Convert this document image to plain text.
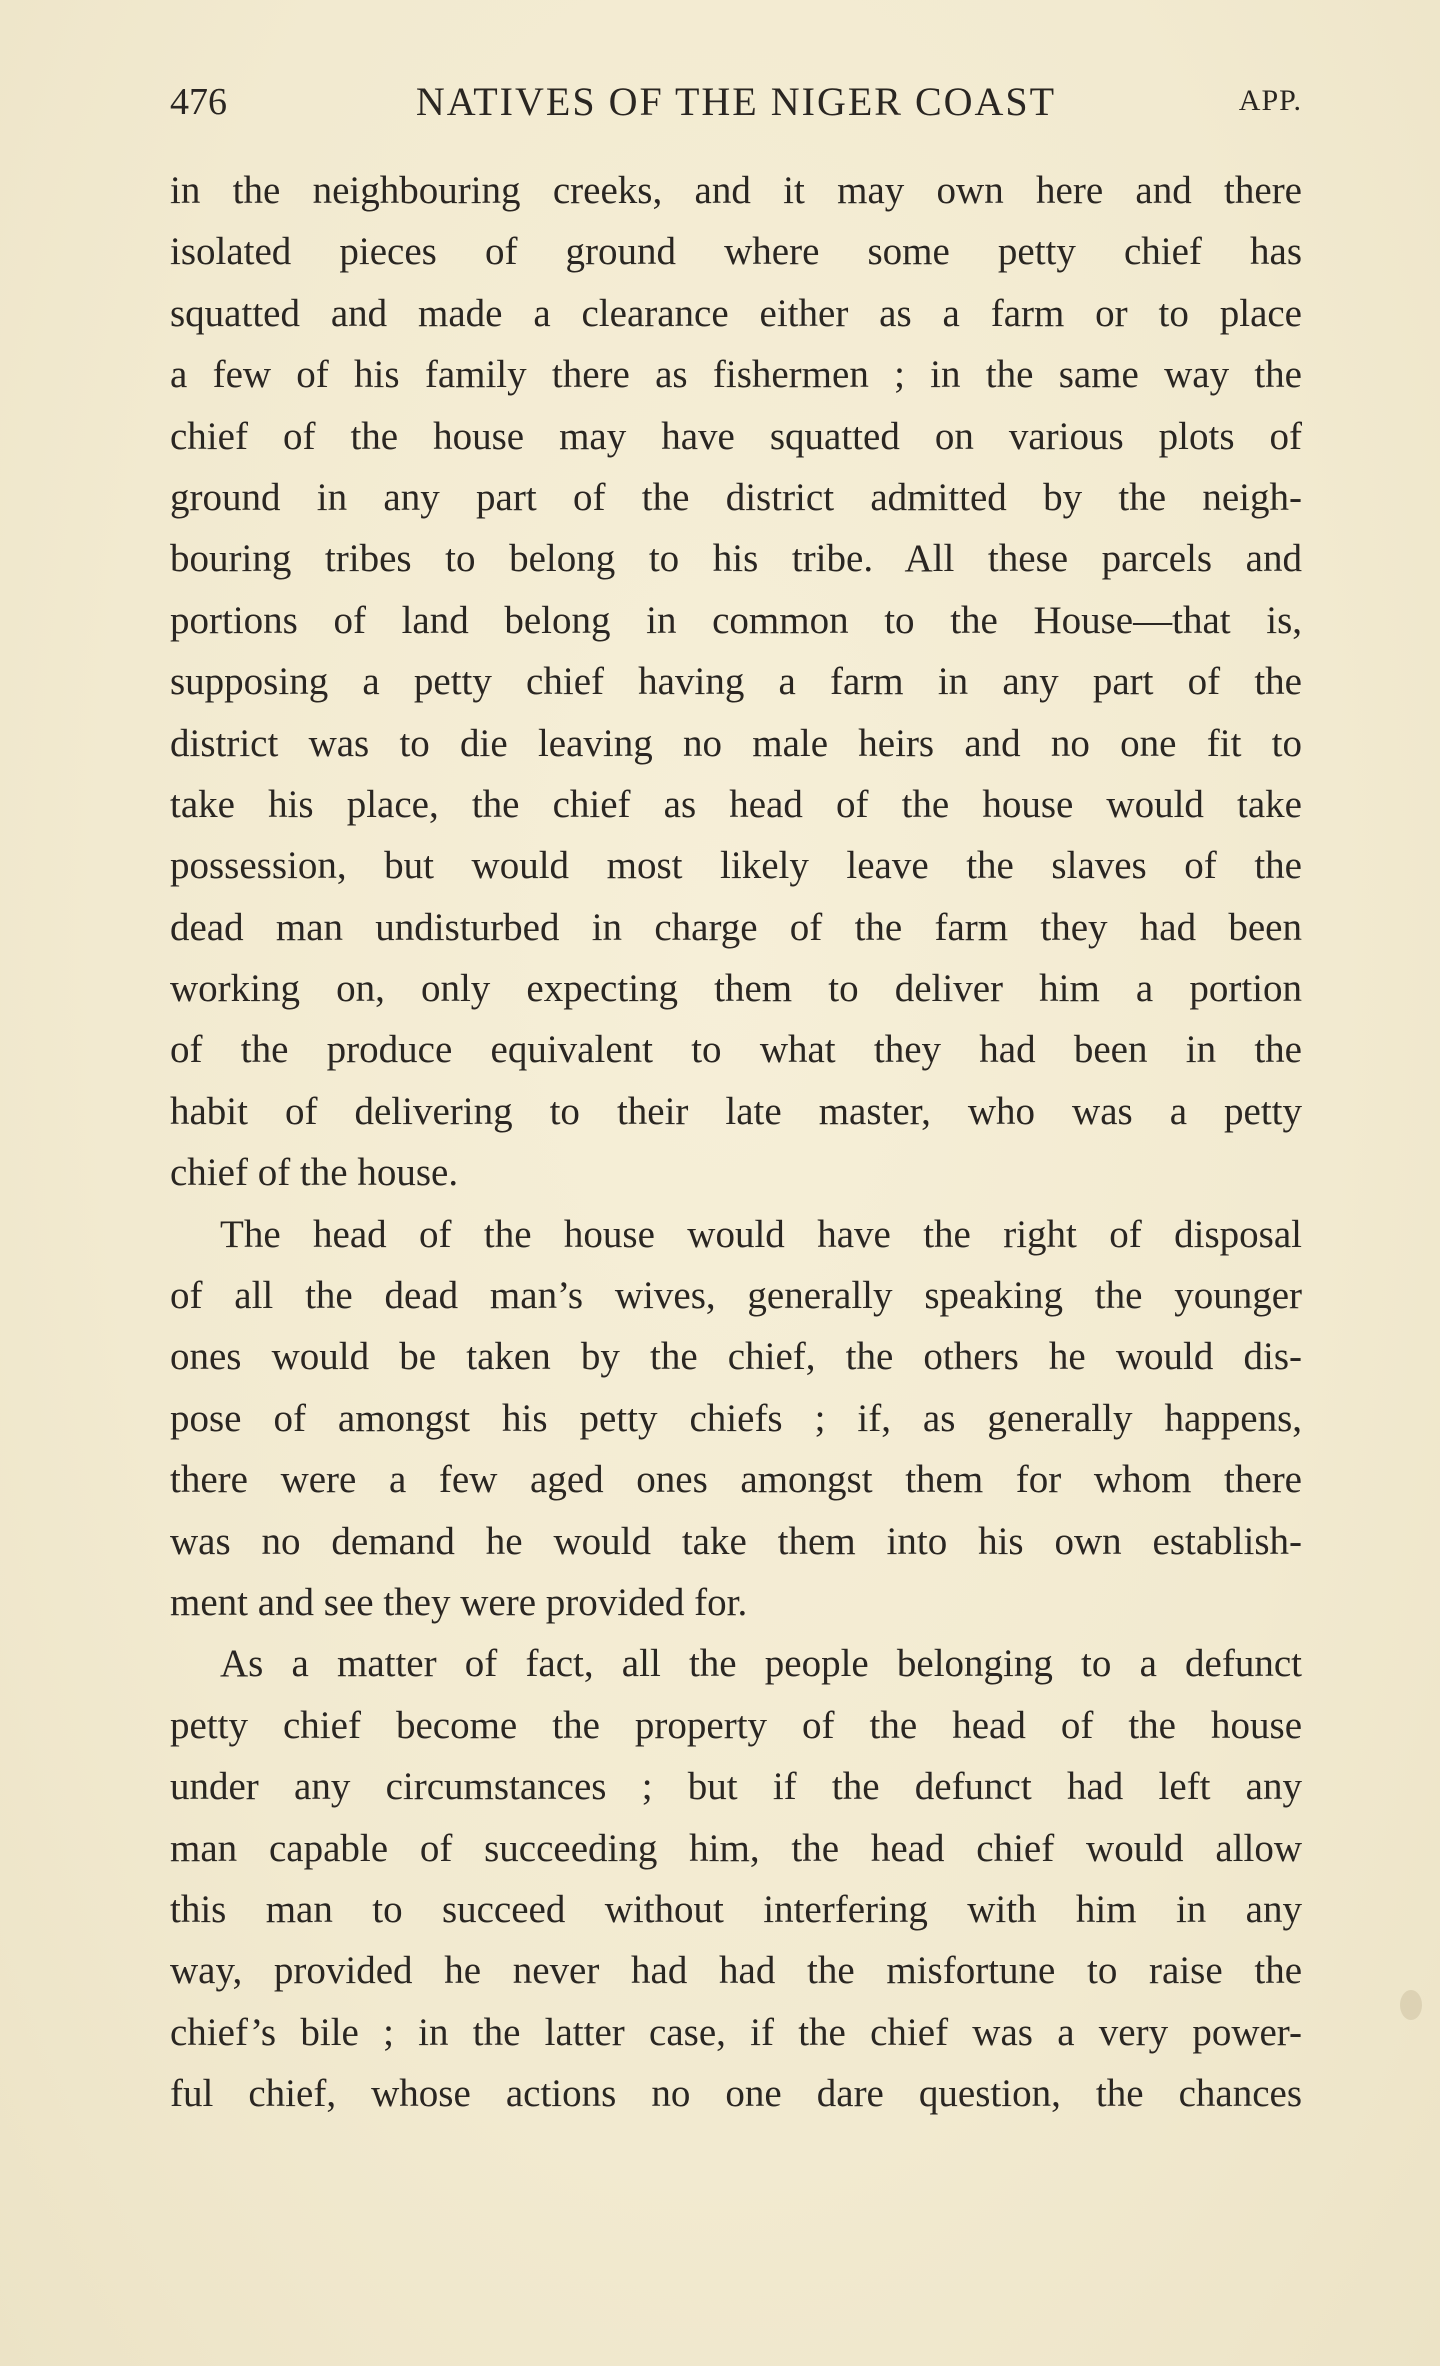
476	NATIVES OF THE NIGER COAST	APP.
in the neighbouring creeks, and it may own here and there
isolated pieces of ground where some petty chief has
squatted and made a clearance either as a farm or to place
a few of his family there as fishermen ; in the same way the
chief of the house may have squatted on various plots of
ground in any part of the district admitted by the neigh-
bouring tribes to belong to his tribe. All these parcels and
portions of land belong in common to the House—that is,
supposing a petty chief having a farm in any part of the
district was to die leaving no male heirs and no one fit to
take his place, the chief as head of the house would take
possession, but would most likely leave the slaves of the
dead man undisturbed in charge of the farm they had been
working on, only expecting them to deliver him a portion
of the produce equivalent to what they had been in the
habit of delivering to their late master, who was a petty
chief of the house.
The head of the house would have the right of disposal
of all the dead man’s wives, generally speaking the younger
ones would be taken by the chief, the others he would dis-
pose of amongst his petty chiefs ; if, as generally happens,
there were a few aged ones amongst them for whom there
was no demand he would take them into his own establish-
ment and see they were provided for.
As a matter of fact, all the people belonging to a defunct
petty chief become the property of the head of the house
under any circumstances ; but if the defunct had left any
man capable of succeeding him, the head chief would allow
this man to succeed without interfering with him in any
way, provided he never had had the misfortune to raise the
chief’s bile ; in the latter case, if the chief was a very power-
ful chief, whose actions no one dare question, the chances
